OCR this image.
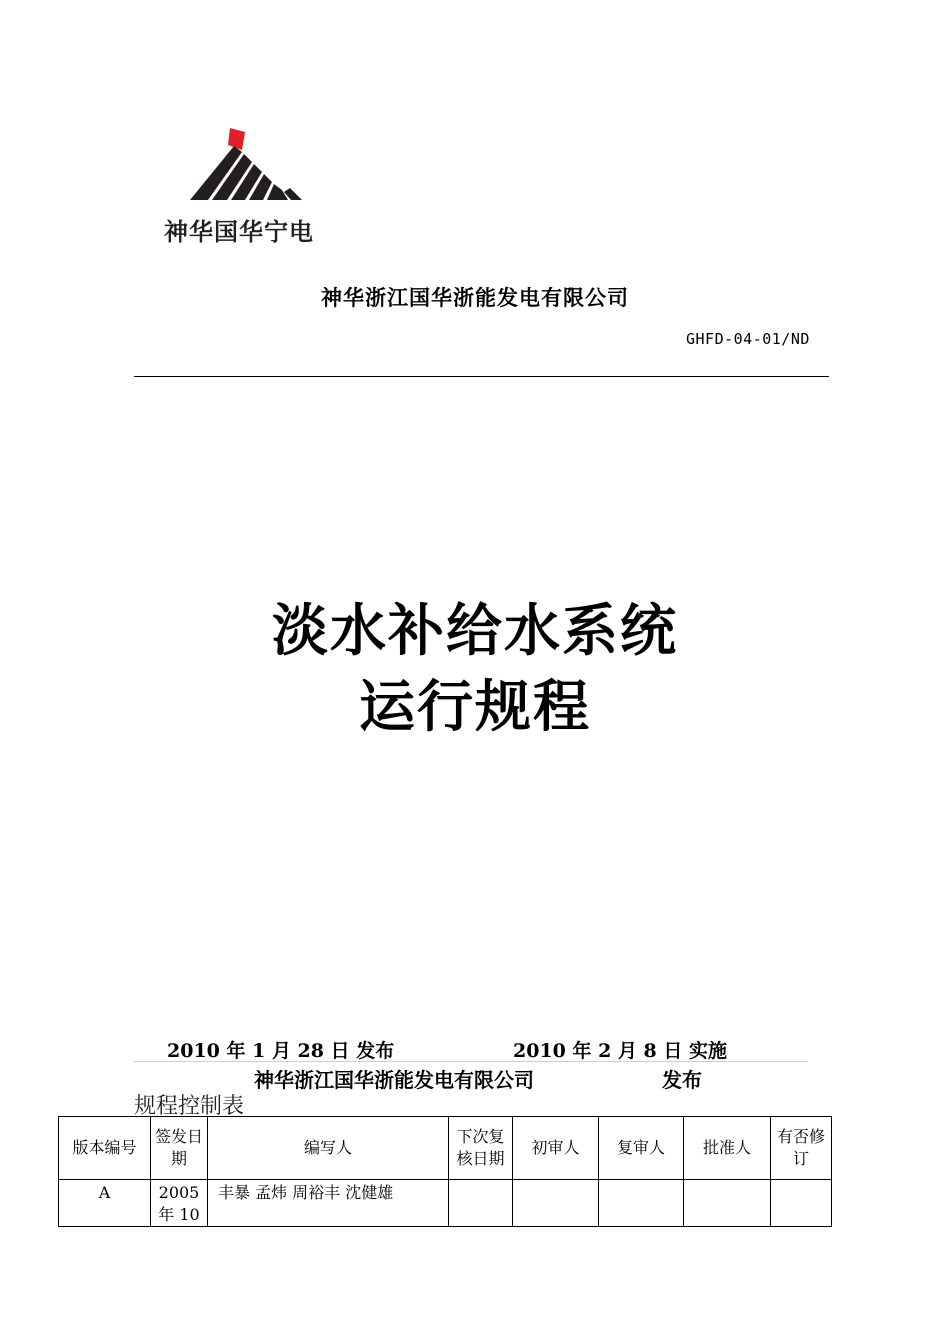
神华国华宁电
神华浙江国华浙能发电有限公司
GHFD-04-01/ND
淡水补给水系统
运行规程
2010 年 1 月 28 日 发布	2010 年 2 月 8 日 实施
神华浙江国华浙能发电有限公司	发布
规程控制表
版本编号	签发日期	编写人	下次复核日期	初审人	复审人	批准人	有否修订
A	2005 年 10	丰暴 孟炜 周裕丰 沈健雄					
